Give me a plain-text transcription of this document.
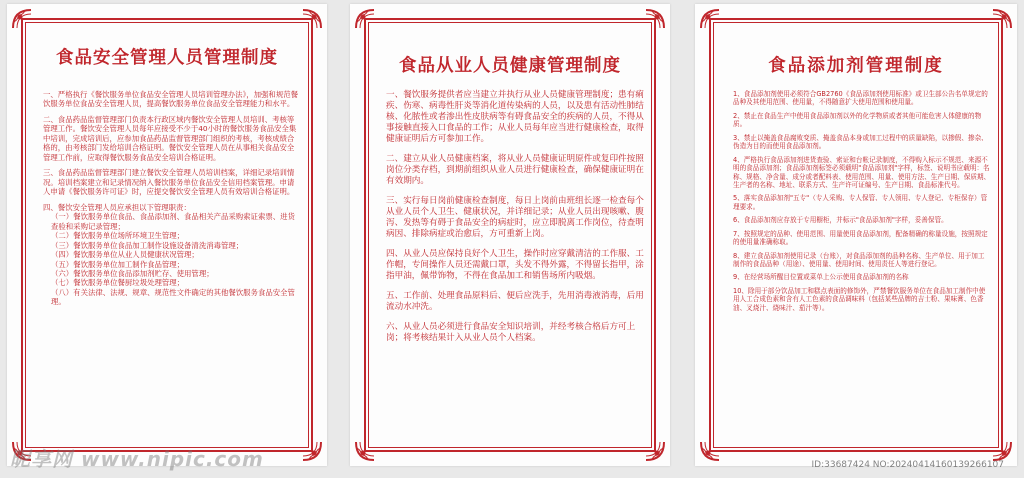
食品安全管理人员管理制度

一、严格执行《餐饮服务单位食品安全管理人员培训管理办法》，加强和规范餐饮服务单位食品安全管理人员，提高餐饮服务单位食品安全管理能力和水平。

二、食品药品监督管理部门负责本行政区域内餐饮安全管理人员培训、考核等管理工作。餐饮安全管理人员每年应接受不少于40小时的餐饮服务食品安全集中培训，完成培训后，应参加食品药品监督管理部门组织的考核，考核成绩合格的，由考核部门发给培训合格证明。餐饮安全管理人员在从事相关食品安全管理工作前，应取得餐饮服务食品安全培训合格证明。

三、食品药品监督管理部门建立餐饮安全管理人员培训档案，详细记录培训情况。培训档案建立和记录情况纳入餐饮服务单位食品安全信用档案管理。申请人申请《餐饮服务许可证》时，应提交餐饮安全管理人员有效培训合格证明。

四、餐饮安全管理人员应承担以下管理职责：

（一）餐饮服务单位食品、食品添加剂、食品相关产品采购索证索票、进货查验和采购记录管理；

（二）餐饮服务单位场所环境卫生管理；

（三）餐饮服务单位食品加工制作设施设备清洗消毒管理；

（四）餐饮服务单位从业人员健康状况管理；

（五）餐饮服务单位加工制作食品管理；

（六）餐饮服务单位食品添加剂贮存、使用管理；

（七）餐饮服务单位餐厨垃圾处理管理；

（八）有关法律、法规、规章、规范性文件确定的其他餐饮服务食品安全管理。

食品从业人员健康管理制度

一、餐饮服务提供者应当建立并执行从业人员健康管理制度；患有痢疾、伤寒、病毒性肝炎等消化道传染病的人员，以及患有活动性肺结核、化脓性或者渗出性皮肤病等有碍食品安全的疾病的人员，不得从事接触直接入口食品的工作；从业人员每年应当进行健康检查，取得健康证明后方可参加工作。

二、建立从业人员健康档案，将从业人员健康证明原件或复印件按照岗位分类存档，到期前组织从业人员进行健康检查，确保健康证明在有效期内。

三、实行每日岗前健康检查制度，每日上岗前由班组长逐一检查每个从业人员个人卫生、健康状况，并详细记录；从业人员出现咳嗽、腹泻、发热等有碍于食品安全的病症时，应立即脱离工作岗位，待查明病因、排除病症或治愈后，方可重新上岗。

四、从业人员应保持良好个人卫生，操作时应穿戴清洁的工作服、工作帽，专间操作人员还需戴口罩，头发不得外露，不得留长指甲，涂指甲油，佩带饰物，不得在食品加工和销售场所内吸烟。

五、工作前、处理食品原料后、便后应洗手，先用消毒液消毒，后用流动水冲洗。

六、从业人员必须进行食品安全知识培训，并经考核合格后方可上岗；将考核结果计入从业人员个人档案。

食品添加剂管理制度

1、食品添加剂使用必须符合GB2760《食品添加剂使用标准》或卫生部公告名单规定的品种及其使用范围、使用量，不得随意扩大使用范围和使用量。

2、禁止在食品生产中使用食品添加剂以外的化学物质或者其他可能危害人体健康的物质。

3、禁止以掩盖食品腐败变质、掩盖食品本身或加工过程中的质量缺陷，以掺假、掺杂、伪造为目的而使用食品添加剂。

4、严格执行食品添加剂进货查验、索证和台帐记录制度，不得购入标示不规范、来源不明的食品添加剂；食品添加剂标签必须载明"食品添加剂"字样，标签、说明书应载明：名称、规格、净含量、成分或者配料表、使用范围、用量、使用方法、生产日期、保质期、生产者的名称、地址、联系方式、生产许可证编号、生产日期、食品标准代号。

5、落实食品添加剂"五专"（专人采购、专人保管、专人领用、专人登记、专柜保存）管理要求。

6、食品添加剂应存放于专用橱柜，并标示"食品添加剂"字样，妥善保管。

7、按照规定的品种、使用范围、用量使用食品添加剂，配备精确的称量设施，按照规定的使用量准确称取。

8、建立食品添加剂使用记录（台账），对食品添加剂的品种名称、生产单位、用于加工制作的食品品种（用途）、使用量、使用时间、使用责任人等进行登记。

9、在经营场所醒目位置或菜单上公示使用食品添加剂的名称

10、除用于部分饮品加工和糕点表面的修饰外，严禁餐饮服务单位在食品加工制作中使用人工合成色素和含有人工色素的食品调味料（包括某些品牌的吉士粉、果味膏、色香油、叉烧汁、烧味汁、茄汁等）。

昵享网 www.nipic.com	ID:33687424 NO:20240414160139266107
